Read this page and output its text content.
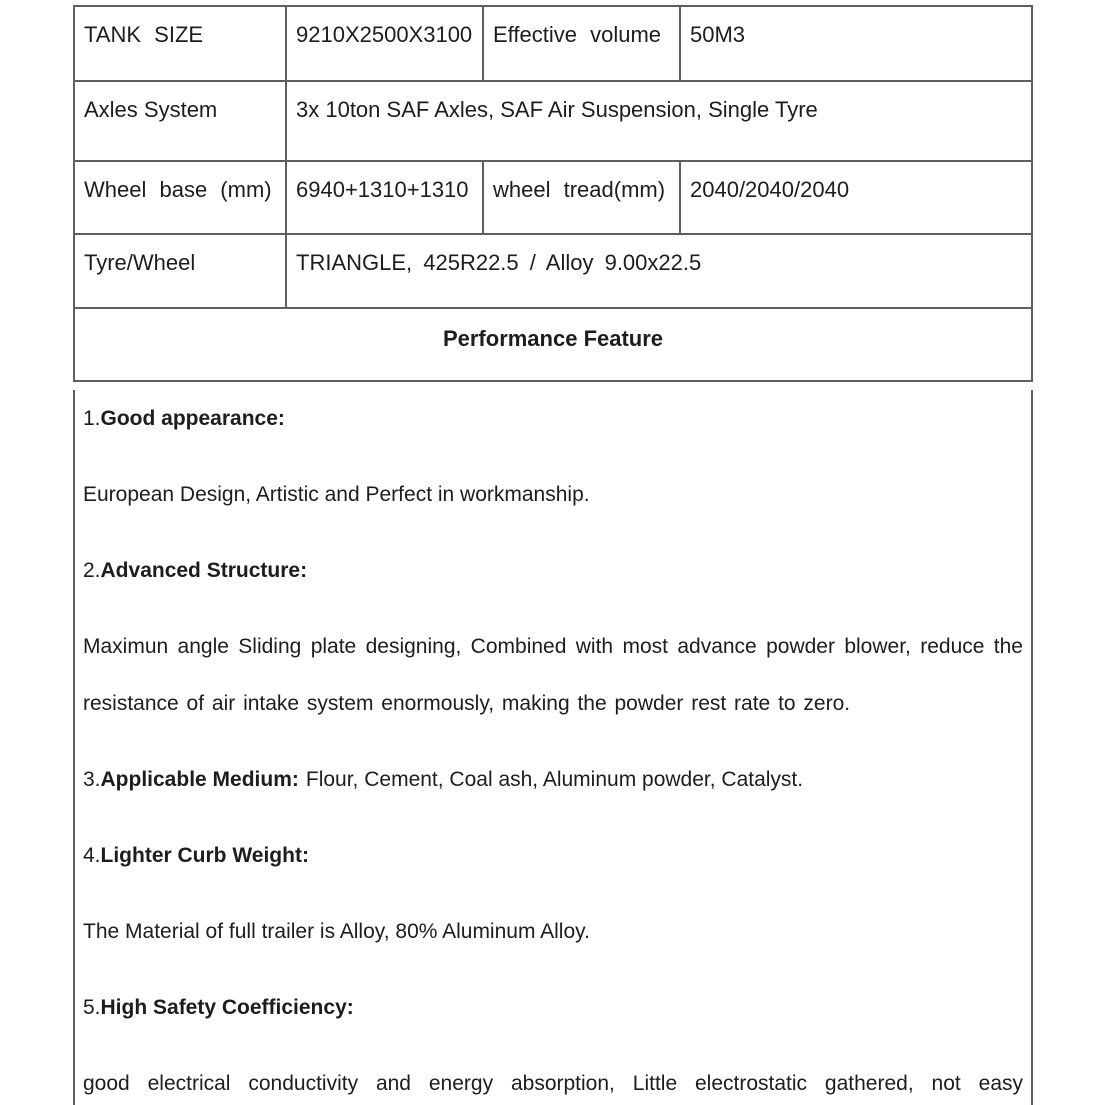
TANK SIZE	9210X2500X3100 Effective volume	50M3
Axles System	3x 10ton SAF Axles, SAF Air Suspension, Single Tyre
Wheel base (mm)	6940+1310+1310	wheel tread(mm)	2040/2040/2040
Tyre/Wheel	TRIANGLE, 425R22.5 / Alloy 9.00x22.5
Performance Feature

1.Good appearance:

European Design, Artistic and Perfect in workmanship.

2.Advanced Structure:

Maximun angle Sliding plate designing, Combined with most advance powder blower, reduce the resistance of air intake system enormously, making the powder rest rate to zero.

3.Applicable Medium: Flour, Cement, Coal ash, Aluminum powder, Catalyst.

4.Lighter Curb Weight:

The Material of full trailer is Alloy, 80% Aluminum Alloy.

5.High Safety Coefficiency:

good electrical conductivity and energy absorption, Little electrostatic gathered, not easy
